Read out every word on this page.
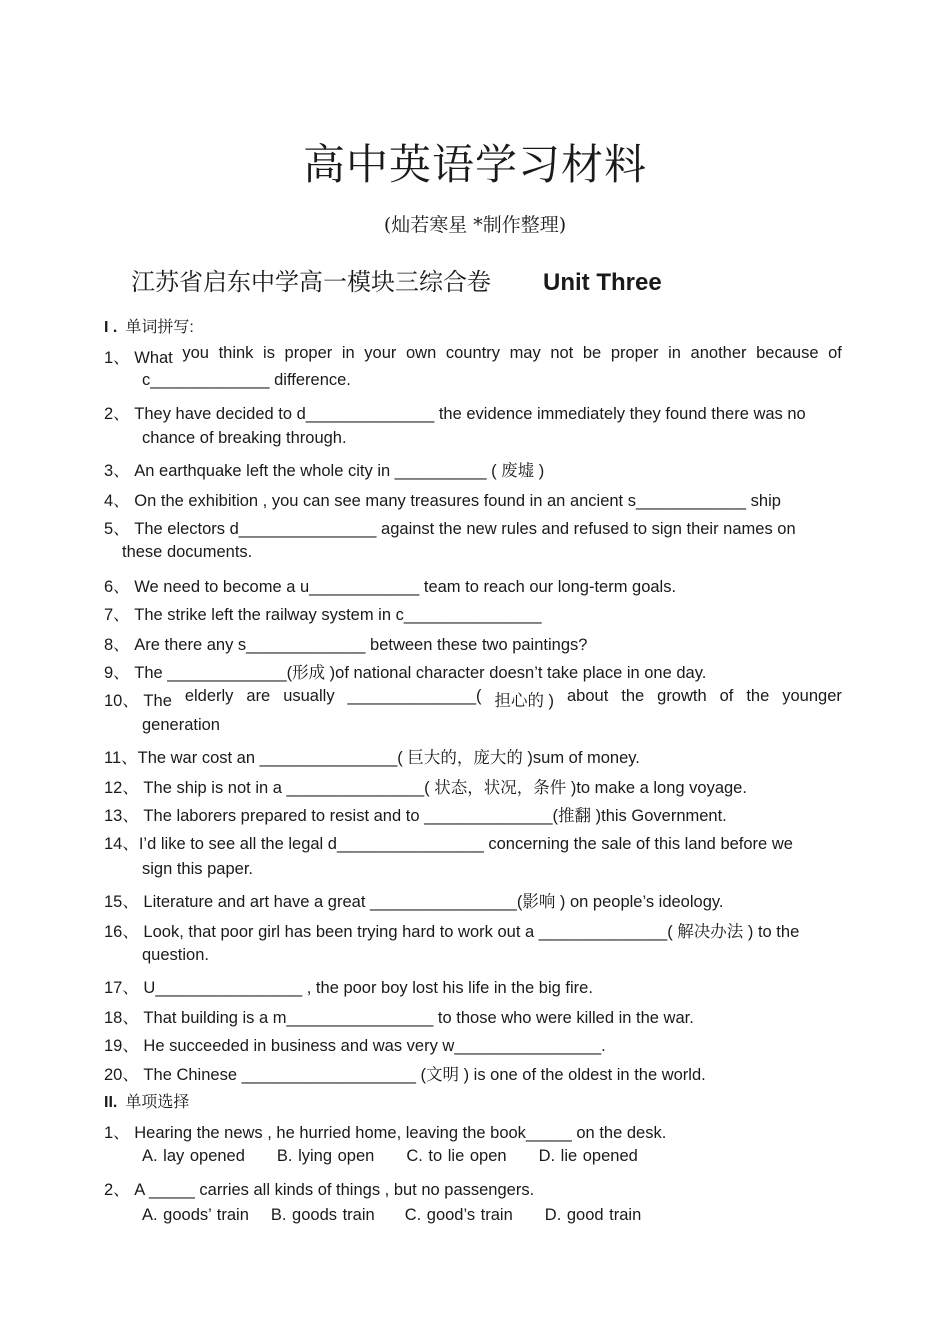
高中英语学习材料
(灿若寒星 *制作整理)
江苏省启东中学高一模块三综合卷 Unit Three
I . 单词拼写:
1、 What you think is proper in your own country may not be proper in another because of
c_____________ difference.
2、 They have decided to d______________ the evidence immediately they found there was no
chance of breaking through.
3、 An earthquake left the whole city in __________ ( 废墟 )
4、 On the exhibition , you can see many treasures found in an ancient s____________ ship
5、 The electors d_______________ against the new rules and refused to sign their names on
these documents.
6、 We need to become a u____________ team to reach our long-term goals.
7、 The strike left the railway system in c_______________
8、 Are there any s_____________ between these two paintings?
9、 The _____________(形成 )of national character doesn’t take place in one day.
10、 The elderly are usually ______________( 担心的 ) about the growth of the younger
generation
11、The war cost an _______________( 巨大的，庞大的 )sum of money.
12、 The ship is not in a _______________( 状态，状况，条件 )to make a long voyage.
13、 The laborers prepared to resist and to ______________(推翻 )this Government.
14、I’d like to see all the legal d________________ concerning the sale of this land before we
sign this paper.
15、 Literature and art have a great ________________(影响 ) on people’s ideology.
16、 Look, that poor girl has been trying hard to work out a ______________( 解决办法 ) to the
question.
17、 U________________ , the poor boy lost his life in the big fire.
18、 That building is a m________________ to those who were killed in the war.
19、 He succeeded in business and was very w________________.
20、 The Chinese ___________________ (文明 ) is one of the oldest in the world.
II. 单项选择
1、 Hearing the news , he hurried home, leaving the book_____ on the desk.
A. lay opened B. lying open C. to lie open D. lie opened
2、 A _____ carries all kinds of things , but no passengers.
A. goods’ train B. goods train C. good’s train D. good train
